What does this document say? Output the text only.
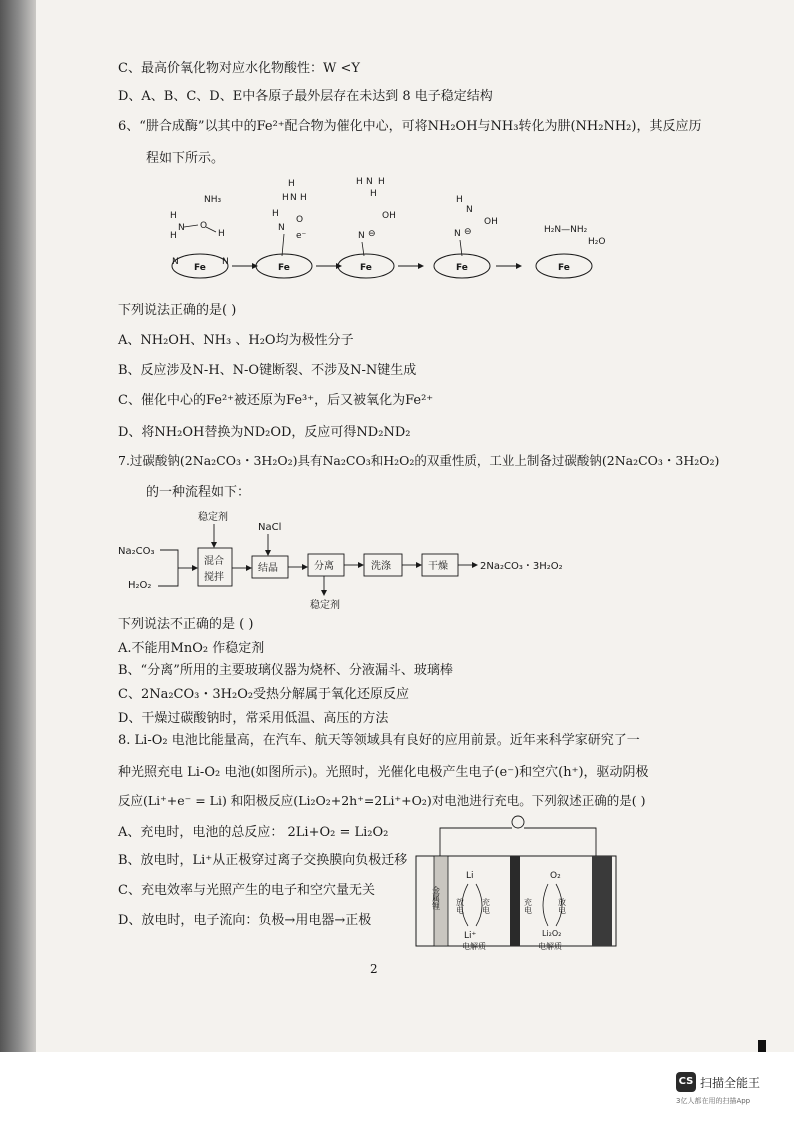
C、最高价氧化物对应水化物酸性：W <Y
D、A、B、C、D、E中各原子最外层存在未达到 8 电子稳定结构
6、“肼合成酶”以其中的Fe²⁺配合物为催化中心，可将NH₂OH与NH₃转化为肼(NH₂NH₂)，其反应历
程如下所示。
NH₃
H
N O
H	H
Fe
N	N
H
H N H
H
O
N
e⁻
Fe
H N H
H
OH
N ⊖
Fe
H
N
OH
N ⊖
Fe
H₂N—NH₂
H₂O
Fe
下列说法正确的是( )
A、NH₂OH、NH₃ 、H₂O均为极性分子
B、反应涉及N-H、N-O键断裂、不涉及N-N键生成
C、催化中心的Fe²⁺被还原为Fe³⁺，后又被氧化为Fe²⁺
D、将NH₂OH替换为ND₂OD，反应可得ND₂ND₂
7.过碳酸钠(2Na₂CO₃・3H₂O₂)具有Na₂CO₃和H₂O₂的双重性质，工业上制备过碳酸钠(2Na₂CO₃・3H₂O₂)
的一种流程如下：
Na₂CO₃
H₂O₂
稳定剂
混合
搅拌
NaCl
结晶	分离
稳定剂
洗涤	干燥	2Na₂CO₃・3H₂O₂
下列说法不正确的是 ( )
A.不能用MnO₂ 作稳定剂
B、“分离”所用的主要玻璃仪器为烧杯、分液漏斗、玻璃棒
C、2Na₂CO₃・3H₂O₂受热分解属于氧化还原反应
D、干燥过碳酸钠时，常采用低温、高压的方法
8. Li-O₂ 电池比能量高，在汽车、航天等领域具有良好的应用前景。近年来科学家研究了一
种光照充电 Li-O₂ 电池(如图所示)。光照时，光催化电极产生电子(e⁻)和空穴(h⁺)，驱动阴极
反应(Li⁺+e⁻ = Li) 和阳极反应(Li₂O₂+2h⁺=2Li⁺+O₂)对电池进行充电。下列叙述正确的是( )
A、充电时，电池的总反应： 2Li+O₂ = Li₂O₂
B、放电时，Li⁺从正极穿过离子交换膜向负极迁移
C、充电效率与光照产生的电子和空穴量无关
D、放电时，电子流向：负极→用电器→正极
金属锂
Li
放电 充电
Li⁺
电解质
充电
O₂
放电
Li₂O₂
电解质
2
CS 扫描全能王
3亿人都在用的扫描App
